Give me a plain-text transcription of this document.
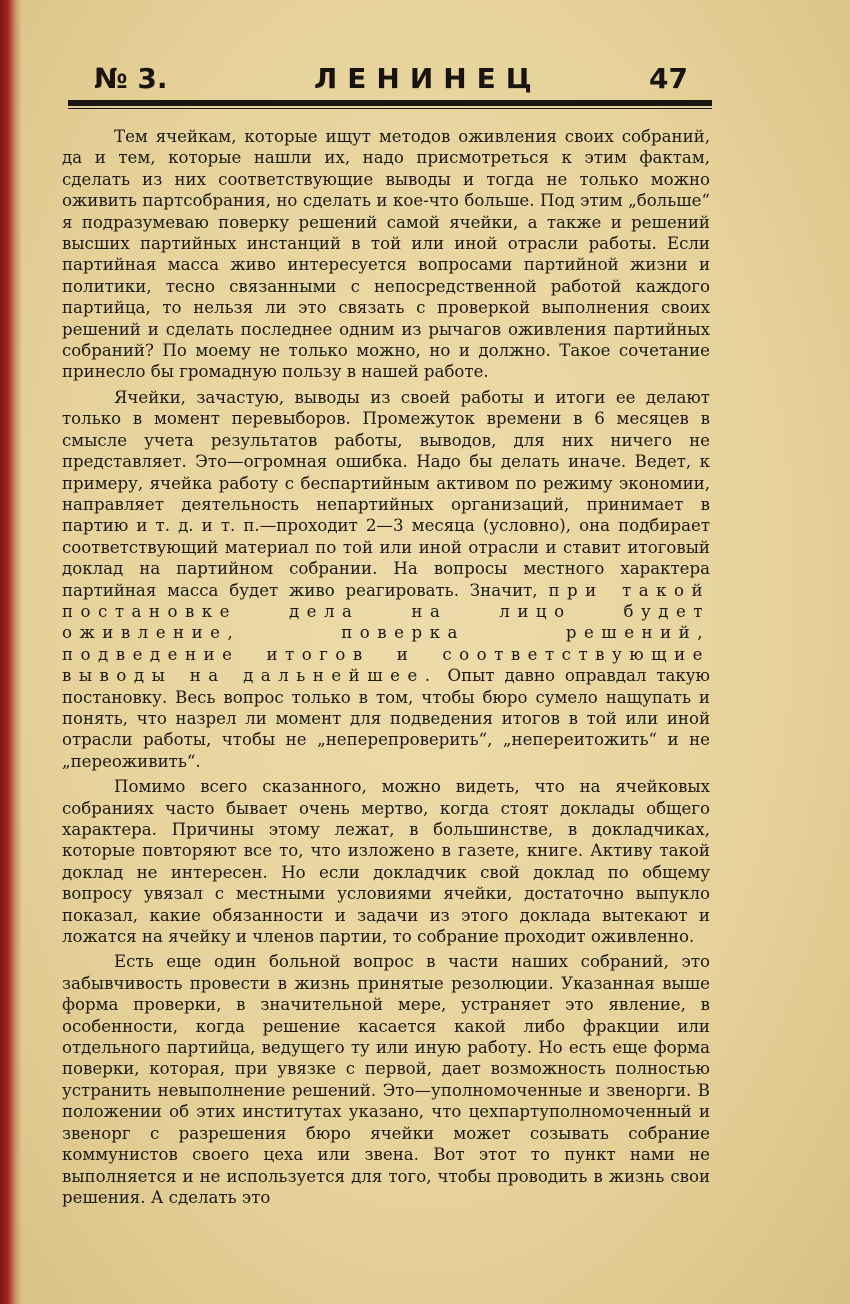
№ 3.	ЛЕНИНЕЦ	47

Тем ячейкам, которые ищут методов оживления своих собраний, да и тем, которые нашли их, надо присмотреться к этим фактам, сделать из них соответствующие выводы и тогда не только можно оживить партсобрания, но сделать и кое-что больше. Под этим „больше“ я подразумеваю поверку решений самой ячейки, а также и решений высших партийных инстанций в той или иной отрасли работы. Если партийная масса живо интересуется вопросами партийной жизни и политики, тесно связанными с непосредственной работой каждого партийца, то нельзя ли это связать с проверкой выполнения своих решений и сделать последнее одним из рычагов оживления партийных собраний? По моему не только можно, но и должно. Такое сочетание принесло бы громадную пользу в нашей работе.

Ячейки, зачастую, выводы из своей работы и итоги ее делают только в момент перевыборов. Промежуток времени в 6 месяцев в смысле учета результатов работы, выводов, для них ничего не представляет. Это—огромная ошибка. Надо бы делать иначе. Ведет, к примеру, ячейка работу с беспартийным активом по режиму экономии, направляет деятельность непартийных организаций, принимает в партию и т. д. и т. п.—проходит 2—3 месяца (условно), она подбирает соответствующий материал по той или иной отрасли и ставит итоговый доклад на партийном собрании. На вопросы местного характера партийная масса будет живо реагировать. Значит, при такой постановке дела на лицо будет оживление, поверка решений, подведение итогов и соответствующие выводы на дальнейшее. Опыт давно оправдал такую постановку. Весь вопрос только в том, чтобы бюро сумело нащупать и понять, что назрел ли момент для подведения итогов в той или иной отрасли работы, чтобы не „неперепроверить“, „непереитожить“ и не „переоживить“.

Помимо всего сказанного, можно видеть, что на ячейковых собраниях часто бывает очень мертво, когда стоят доклады общего характера. Причины этому лежат, в большинстве, в докладчиках, которые повторяют все то, что изложено в газете, книге. Активу такой доклад не интересен. Но если докладчик свой доклад по общему вопросу увязал с местными условиями ячейки, достаточно выпукло показал, какие обязанности и задачи из этого доклада вытекают и ложатся на ячейку и членов партии, то собрание проходит оживленно.

Есть еще один больной вопрос в части наших собраний, это забывчивость провести в жизнь принятые резолюции. Указанная выше форма проверки, в значительной мере, устраняет это явление, в особенности, когда решение касается какой либо фракции или отдельного партийца, ведущего ту или иную работу. Но есть еще форма поверки, которая, при увязке с первой, дает возможность полностью устранить невыполнение решений. Это—уполномоченные и звенорги. В положении об этих институтах указано, что цехпартуполномоченный и звенорг с разрешения бюро ячейки может созывать собрание коммунистов своего цеха или звена. Вот этот то пункт нами не выполняется и не используется для того, чтобы проводить в жизнь свои решения. А сделать это
